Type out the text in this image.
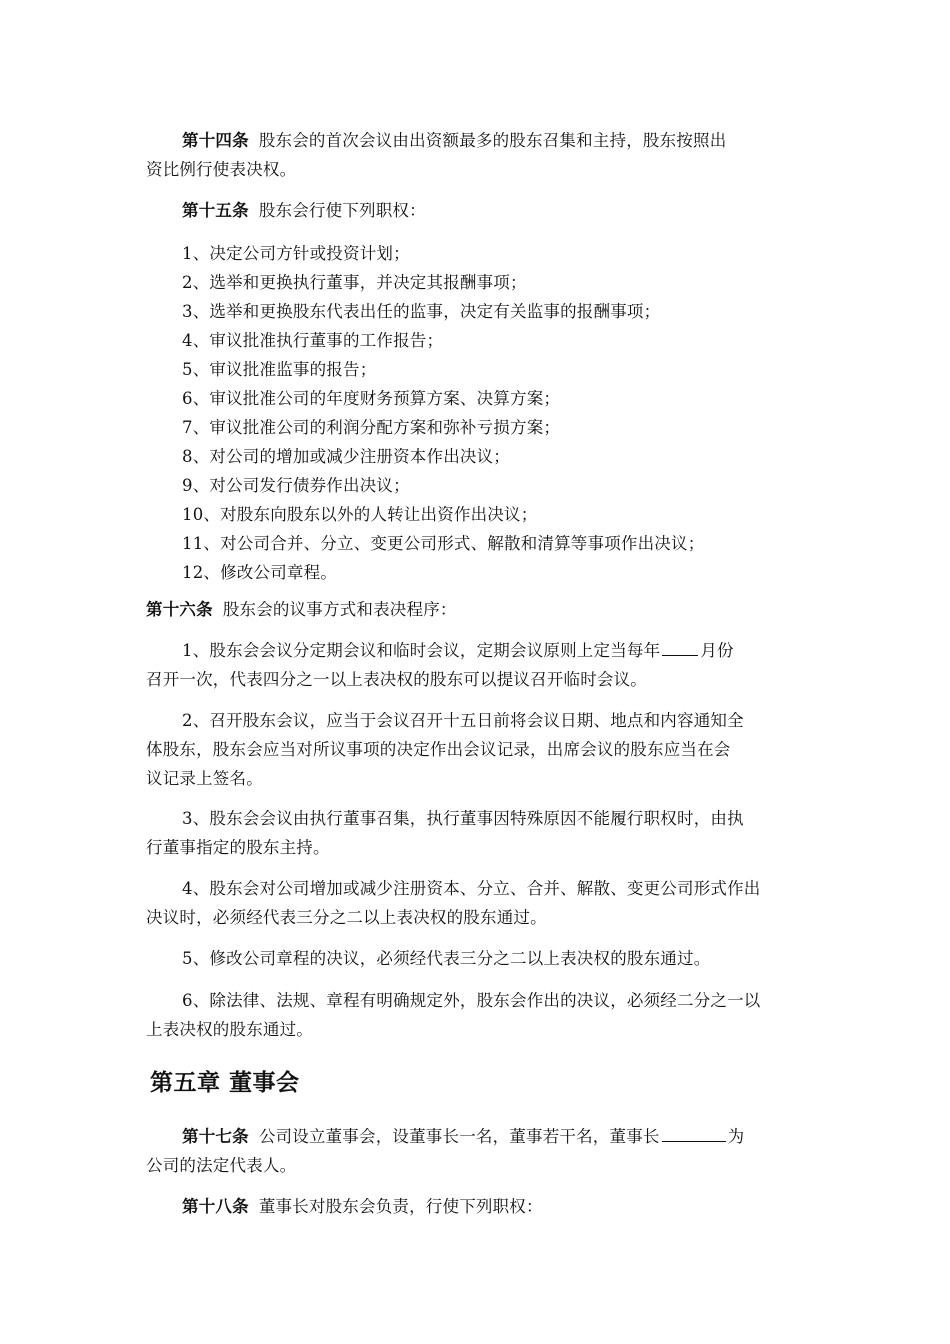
第十四条 股东会的首次会议由出资额最多的股东召集和主持，股东按照出
资比例行使表决权。
第十五条 股东会行使下列职权：
1、决定公司方针或投资计划；
2、选举和更换执行董事，并决定其报酬事项；
3、选举和更换股东代表出任的监事，决定有关监事的报酬事项；
4、审议批准执行董事的工作报告；
5、审议批准监事的报告；
6、审议批准公司的年度财务预算方案、决算方案；
7、审议批准公司的利润分配方案和弥补亏损方案；
8、对公司的增加或减少注册资本作出决议；
9、对公司发行债券作出决议；
10、对股东向股东以外的人转让出资作出决议；
11、对公司合并、分立、变更公司形式、解散和清算等事项作出决议；
12、修改公司章程。
第十六条 股东会的议事方式和表决程序：
1、股东会会议分定期会议和临时会议，定期会议原则上定当每年 月份
召开一次，代表四分之一以上表决权的股东可以提议召开临时会议。
2、召开股东会议，应当于会议召开十五日前将会议日期、地点和内容通知全
体股东，股东会应当对所议事项的决定作出会议记录，出席会议的股东应当在会
议记录上签名。
3、股东会会议由执行董事召集，执行董事因特殊原因不能履行职权时，由执
行董事指定的股东主持。
4、股东会对公司增加或减少注册资本、分立、合并、解散、变更公司形式作出
决议时，必须经代表三分之二以上表决权的股东通过。
5、修改公司章程的决议，必须经代表三分之二以上表决权的股东通过。
6、除法律、法规、章程有明确规定外，股东会作出的决议，必须经二分之一以
上表决权的股东通过。
第五章 董事会
第十七条 公司设立董事会，设董事长一名，董事若干名，董事长	为
公司的法定代表人。
第十八条 董事长对股东会负责，行使下列职权：
